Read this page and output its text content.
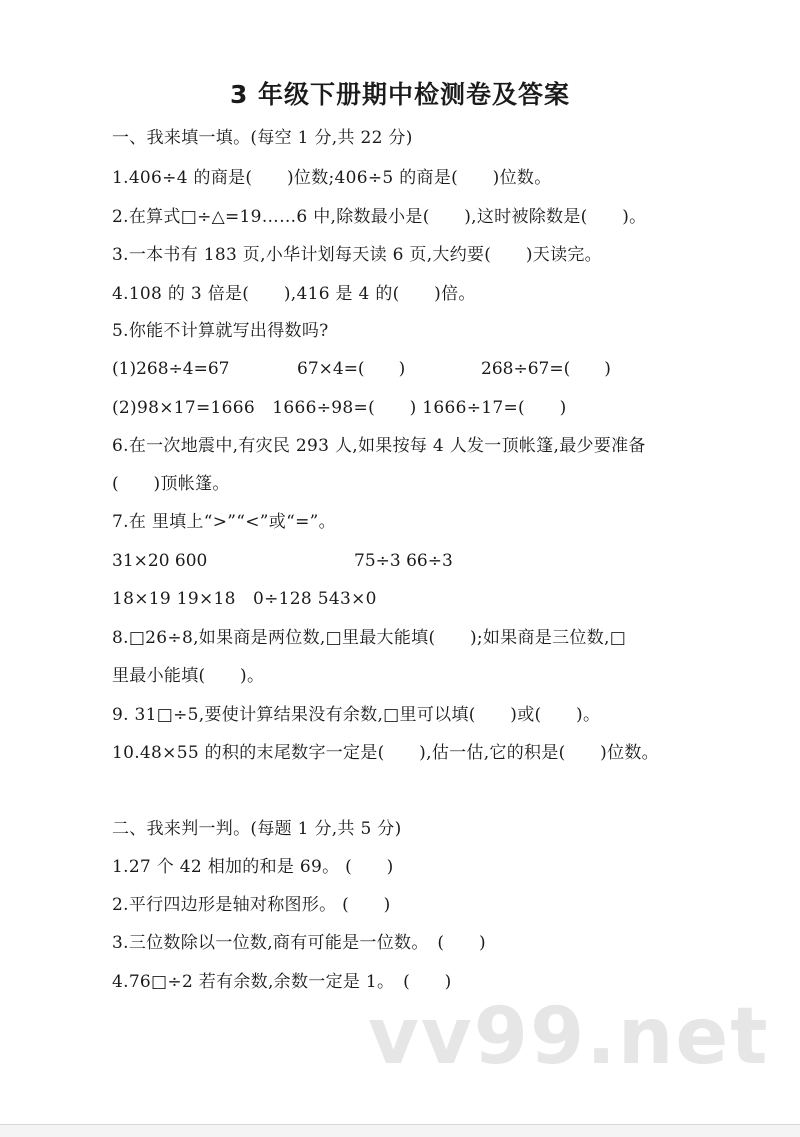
3 年级下册期中检测卷及答案
一、我来填一填。(每空 1 分,共 22 分)
1.406÷4 的商是(　　)位数;406÷5 的商是(　　)位数。
2.在算式□÷△=19……6 中,除数最小是(　　),这时被除数是(　　)。
3.一本书有 183 页,小华计划每天读 6 页,大约要(　　)天读完。
4.108 的 3 倍是(　　),416 是 4 的(　　)倍。
5.你能不计算就写出得数吗?
(1)268÷4=67	67×4=(　　)	268÷67=(　　)
(2)98×17=1666　1666÷98=(　　) 1666÷17=(　　)
6.在一次地震中,有灾民 293 人,如果按每 4 人发一顶帐篷,最少要准备
(　　)顶帐篷。
7.在 里填上“>”“<”或“=”。
31×20 600	75÷3 66÷3
18×19 19×18　0÷128 543×0
8.□26÷8,如果商是两位数,□里最大能填(　　);如果商是三位数,□
里最小能填(　　)。
9. 31□÷5,要使计算结果没有余数,□里可以填(　　)或(　　)。
10.48×55 的积的末尾数字一定是(　　),估一估,它的积是(　　)位数。
二、我来判一判。(每题 1 分,共 5 分)
1.27 个 42 相加的和是 69。 (　　)
2.平行四边形是轴对称图形。 (　　)
3.三位数除以一位数,商有可能是一位数。　(　　)
4.76□÷2 若有余数,余数一定是 1。　(　　)
vv99.net
